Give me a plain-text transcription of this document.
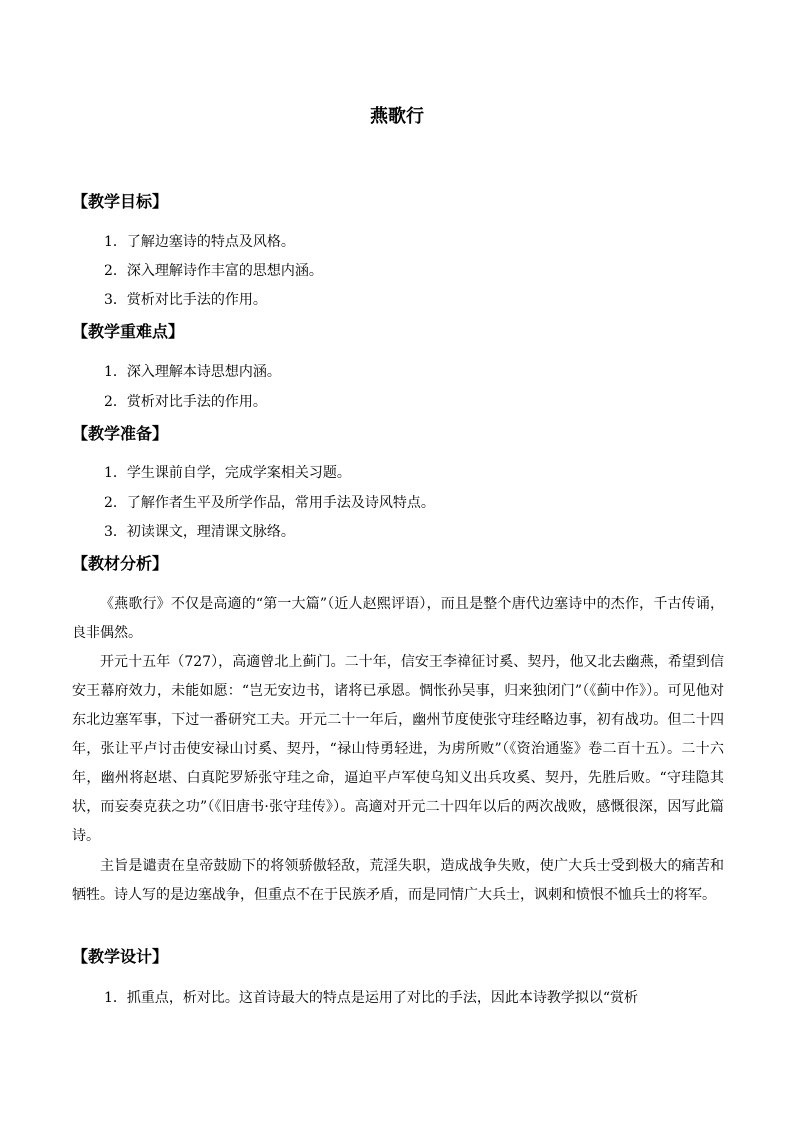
燕歌行
【教学目标】
1．了解边塞诗的特点及风格。
2．深入理解诗作丰富的思想内涵。
3．赏析对比手法的作用。
【教学重难点】
1．深入理解本诗思想内涵。
2．赏析对比手法的作用。
【教学准备】
1．学生课前自学，完成学案相关习题。
2．了解作者生平及所学作品，常用手法及诗风特点。
3．初读课文，理清课文脉络。
【教材分析】
《燕歌行》不仅是高適的“第一大篇”（近人赵熙评语），而且是整个唐代边塞诗中的杰作，千古传诵，良非偶然。
开元十五年（727），高適曾北上蓟门。二十年，信安王李禕征讨奚、契丹，他又北去幽燕，希望到信安王幕府效力，未能如愿：“岂无安边书，诸将已承恩。惆怅孙吴事，归来独闭门”（《蓟中作》）。可见他对东北边塞军事，下过一番研究工夫。开元二十一年后，幽州节度使张守珪经略边事，初有战功。但二十四年，张让平卢讨击使安禄山讨奚、契丹，“禄山恃勇轻进，为虏所败”（《资治通鉴》卷二百十五）。二十六年，幽州将赵堪、白真陀罗矫张守珪之命，逼迫平卢军使乌知义出兵攻奚、契丹，先胜后败。“守珪隐其状，而妄奏克获之功”（《旧唐书·张守珪传》）。高適对开元二十四年以后的两次战败，感慨很深，因写此篇诗。
主旨是谴责在皇帝鼓励下的将领骄傲轻敌，荒淫失职，造成战争失败，使广大兵士受到极大的痛苦和牺牲。诗人写的是边塞战争，但重点不在于民族矛盾，而是同情广大兵士，讽刺和愤恨不恤兵士的将军。
【教学设计】
1．抓重点，析对比。这首诗最大的特点是运用了对比的手法，因此本诗教学拟以“赏析
